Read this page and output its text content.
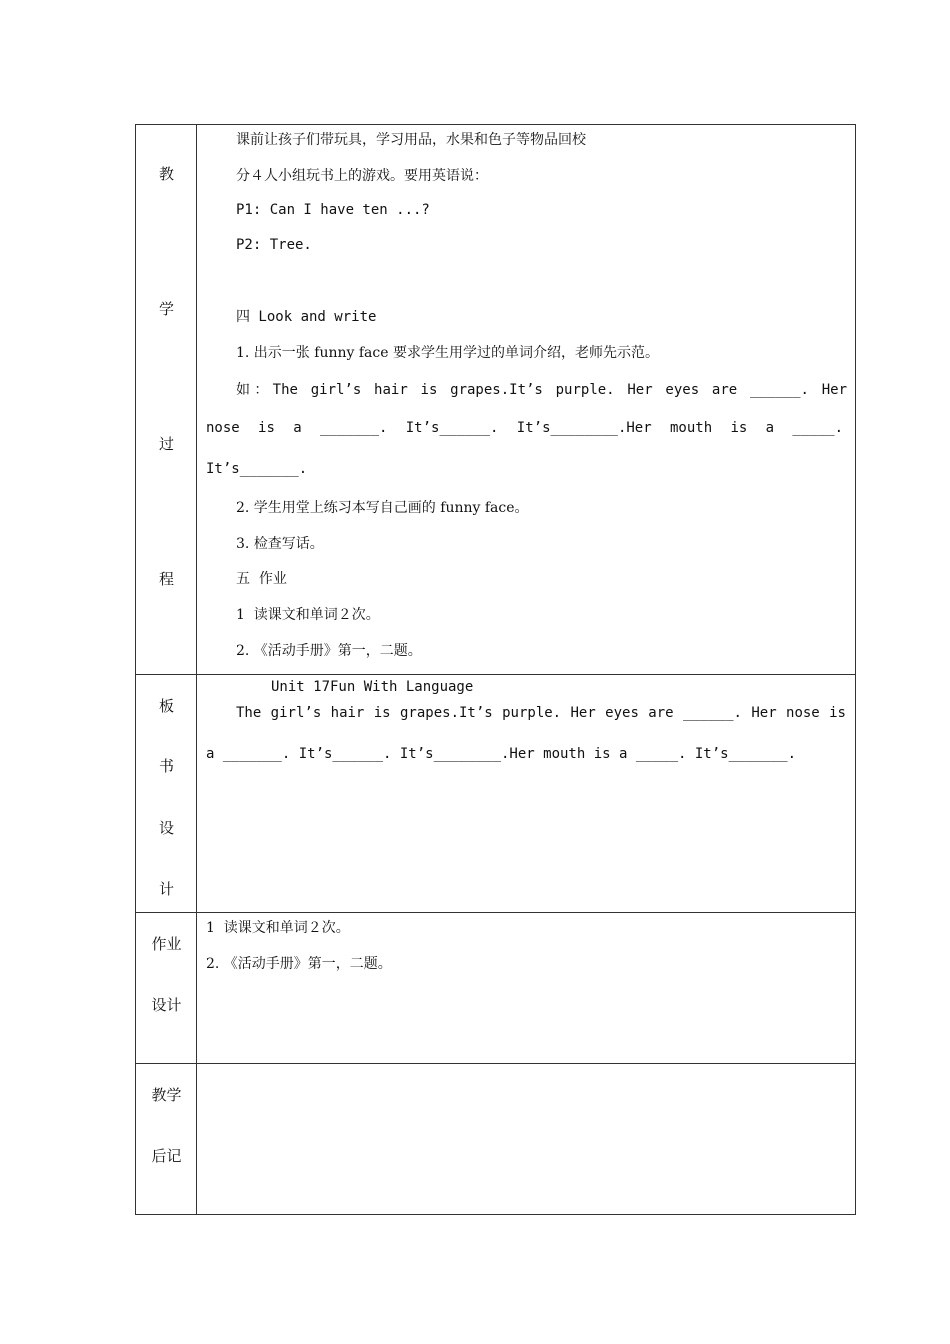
教
学
过
程
课前让孩子们带玩具，学习用品，水果和色子等物品回校
分４人小组玩书上的游戏。要用英语说：
P1: Can I have ten ...?
P2: Tree.
四 Look and write
1. 出示一张 funny face 要求学生用学过的单词介绍，老师先示范。
如：The girl’s hair is grapes.It’s purple. Her eyes are ______. Her
nose is a _______. It’s______. It’s________.Her mouth is a _____.
It’s_______.
2. 学生用堂上练习本写自己画的 funny face。
3. 检查写话。
五  作业
1  读课文和单词２次。
2. 《活动手册》第一，二题。
板
书
设
计
Unit 17Fun With Language
The girl’s hair is grapes.It’s purple. Her eyes are ______. Her nose is
a _______. It’s______. It’s________.Her mouth is a _____. It’s_______.
作业
设计
1  读课文和单词２次。
2. 《活动手册》第一，二题。
教学
后记
